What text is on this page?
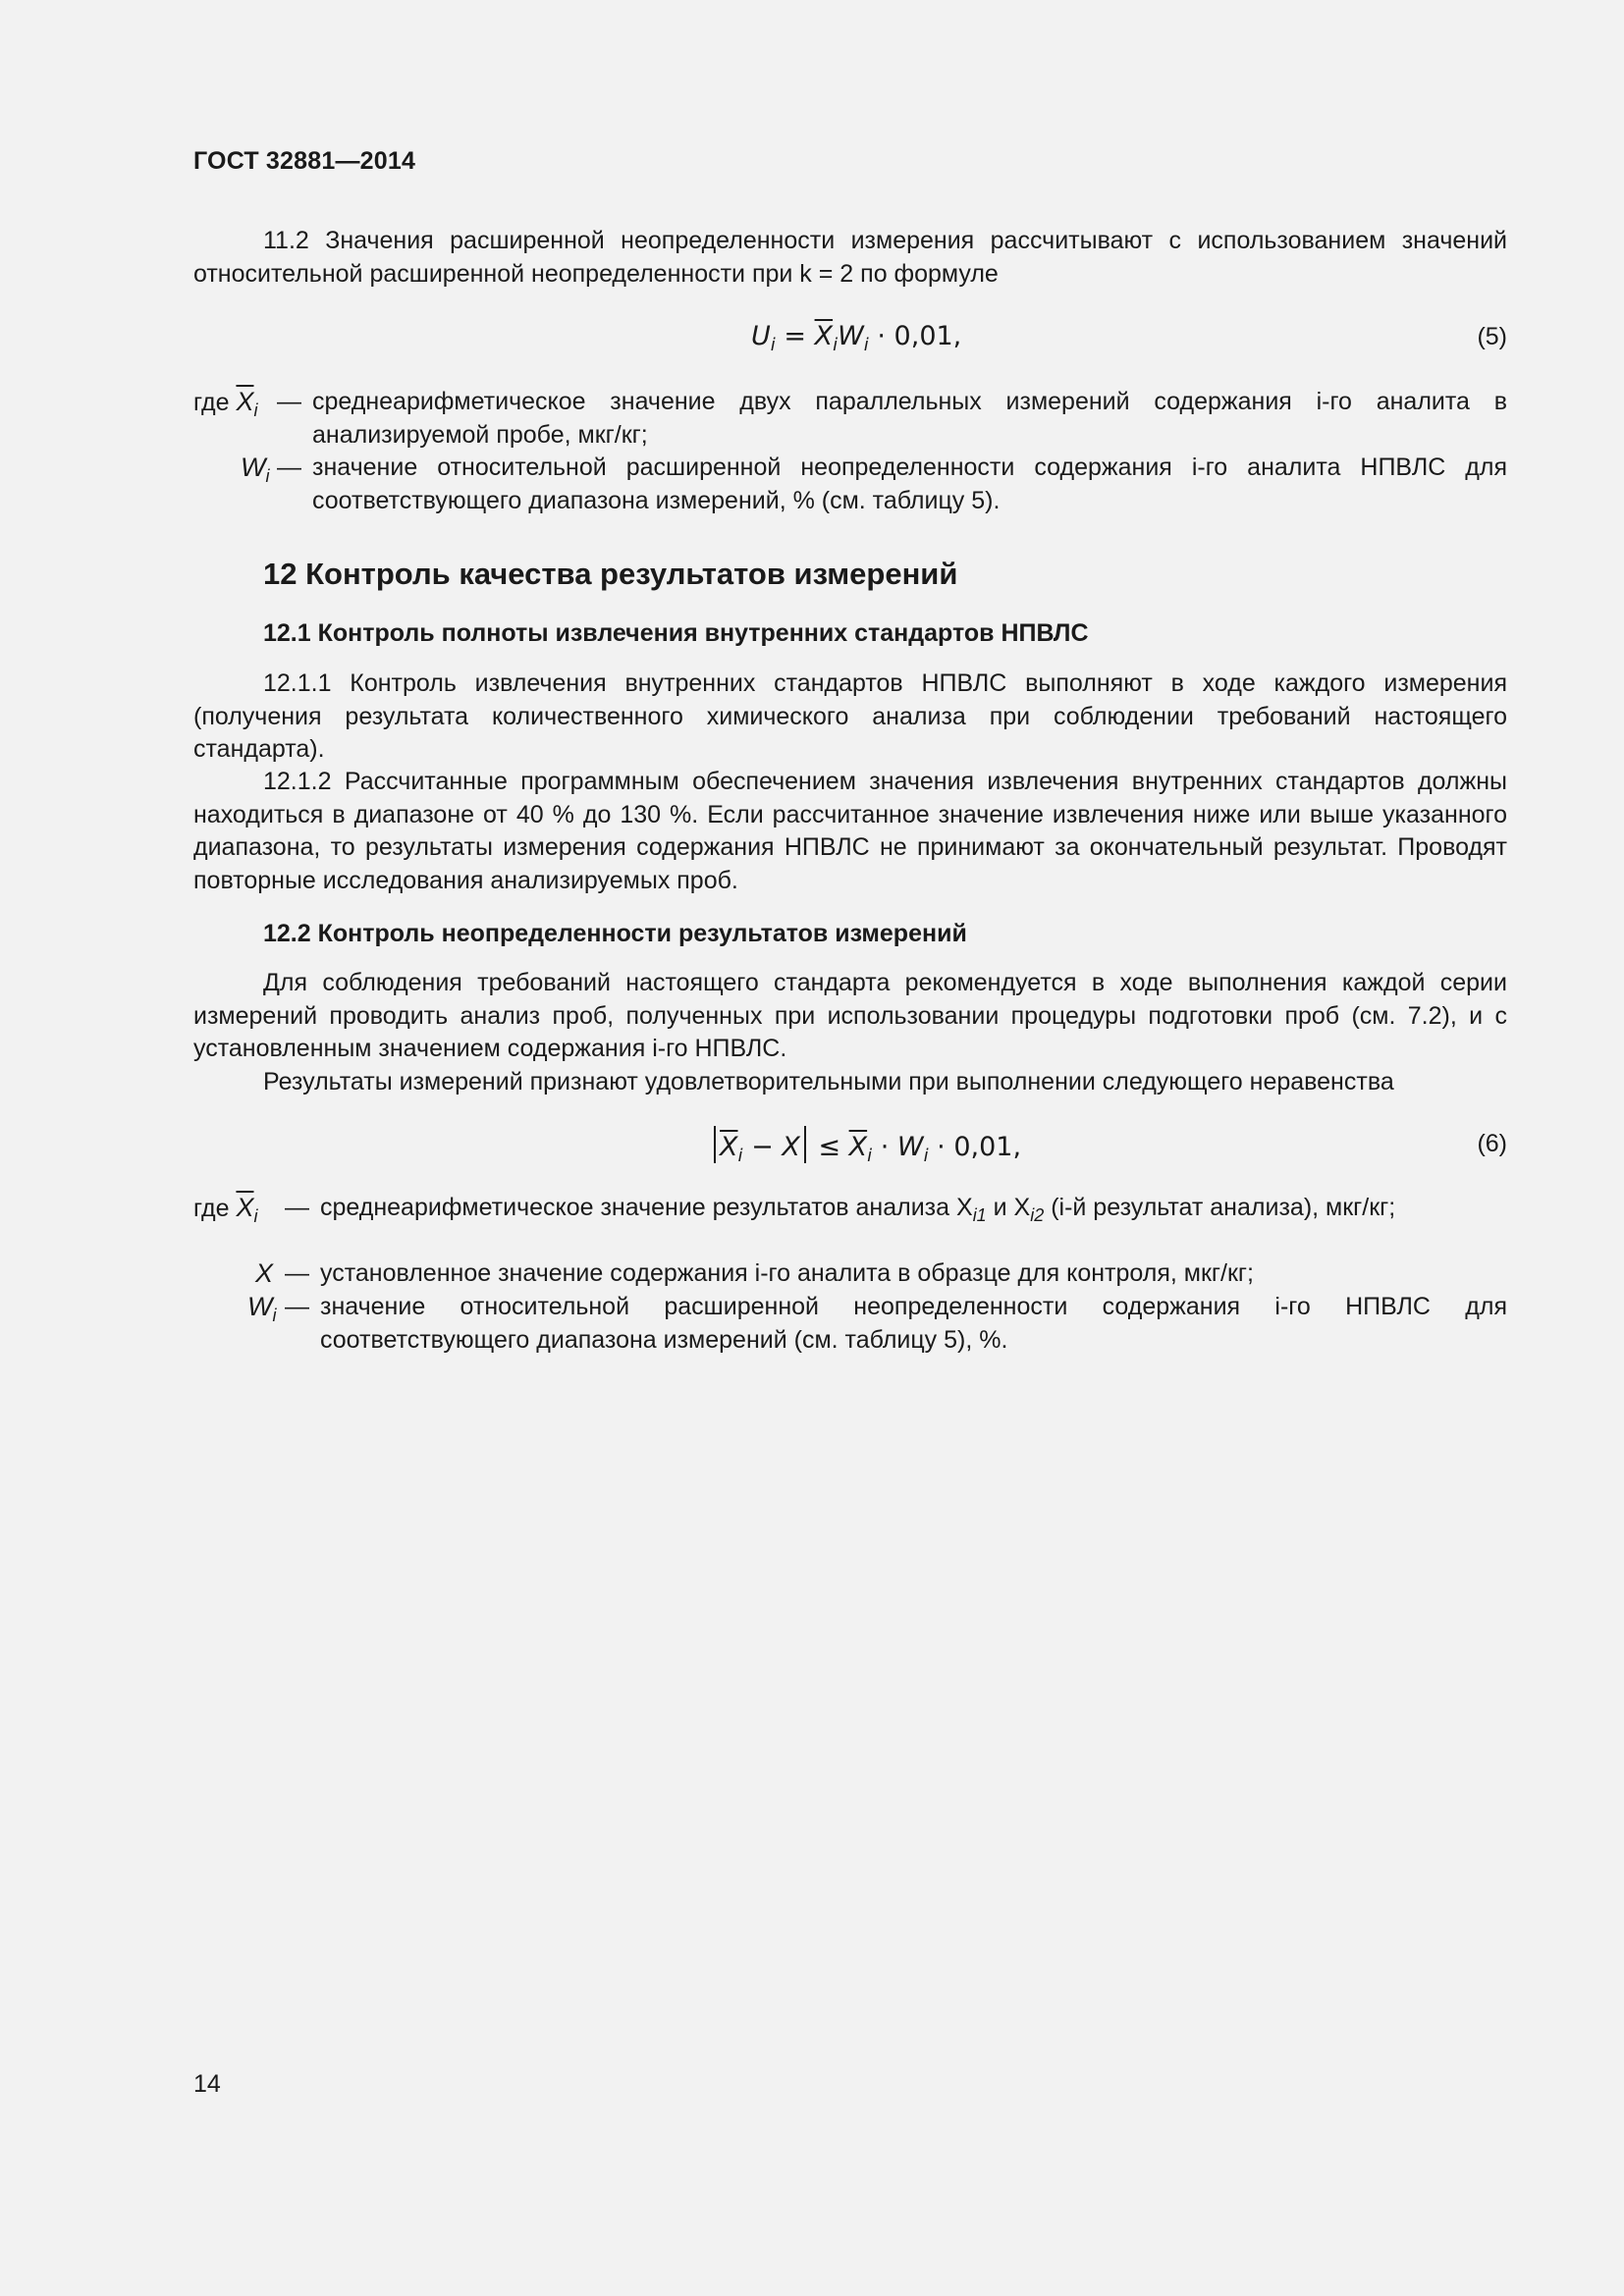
ГОСТ 32881—2014
11.2 Значения расширенной неопределенности измерения рассчитывают с использованием значений относительной расширенной неопределенности при k = 2 по формуле
$U_i = \overline{X}_iW_i \cdot 0,01$,	(5)
где $\overline{X}_i$ — среднеарифметическое значение двух параллельных измерений содержания i-го аналита в анализируемой пробе, мкг/кг;
$W_i$ — значение относительной расширенной неопределенности содержания i-го аналита НПВЛС для соответствующего диапазона измерений, % (см. таблицу 5).
12 Контроль качества результатов измерений
12.1 Контроль полноты извлечения внутренних стандартов НПВЛС
12.1.1 Контроль извлечения внутренних стандартов НПВЛС выполняют в ходе каждого измерения (получения результата количественного химического анализа при соблюдении требований настоящего стандарта).
12.1.2 Рассчитанные программным обеспечением значения извлечения внутренних стандартов должны находиться в диапазоне от 40 % до 130 %. Если рассчитанное значение извлечения ниже или выше указанного диапазона, то результаты измерения содержания НПВЛС не принимают за окончательный результат. Проводят повторные исследования анализируемых проб.
12.2 Контроль неопределенности результатов измерений
Для соблюдения требований настоящего стандарта рекомендуется в ходе выполнения каждой серии измерений проводить анализ проб, полученных при использовании процедуры подготовки проб (см. 7.2), и с установленным значением содержания i-го НПВЛС.
Результаты измерений признают удовлетворительными при выполнении следующего неравенства
$\overline{X}_i - X \le \overline{X}_i \cdot W_i \cdot 0,01$,	(6)
где $\overline{X}_i$ — среднеарифметическое значение результатов анализа $X_{i1}$ и $X_{i2}$ (i-й результат анализа), мкг/кг;
X — установленное значение содержания i-го аналита в образце для контроля, мкг/кг;
$W_i$ — значение относительной расширенной неопределенности содержания i-го НПВЛС для соответствующего диапазона измерений (см. таблицу 5), %.
14
